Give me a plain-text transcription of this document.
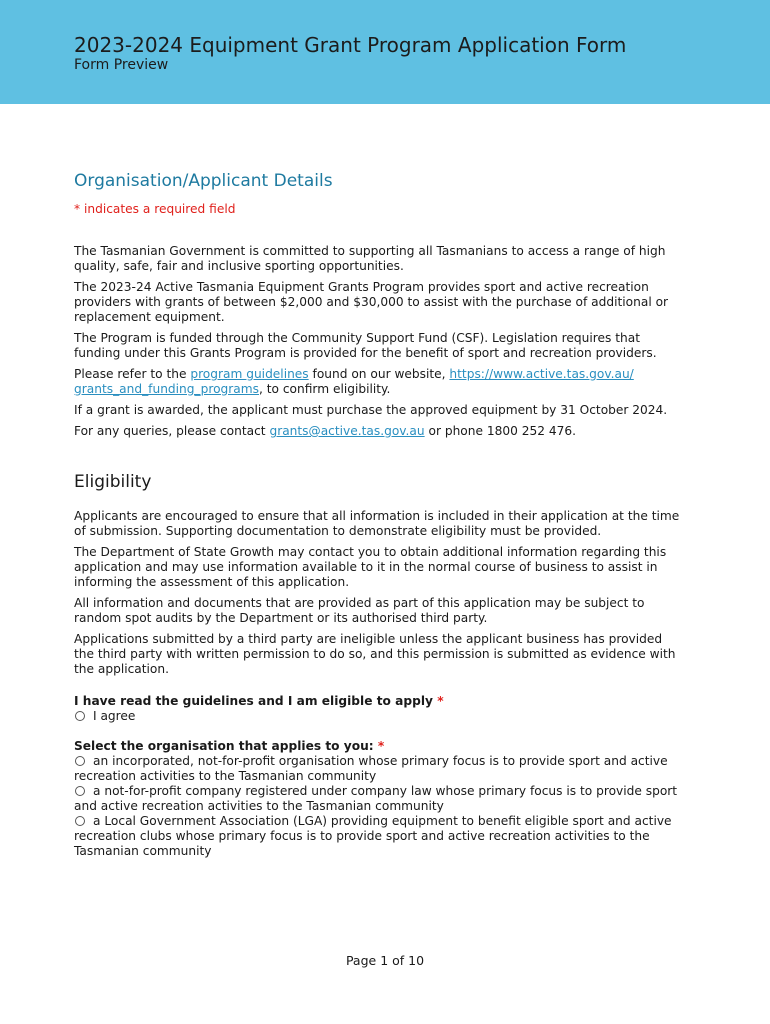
2023-2024 Equipment Grant Program Application Form
Form Preview
Organisation/Applicant Details
* indicates a required field

The Tasmanian Government is committed to supporting all Tasmanians to access a range of high quality, safe, fair and inclusive sporting opportunities.

The 2023-24 Active Tasmania Equipment Grants Program provides sport and active recreation providers with grants of between $2,000 and $30,000 to assist with the purchase of additional or replacement equipment.

The Program is funded through the Community Support Fund (CSF). Legislation requires that funding under this Grants Program is provided for the benefit of sport and recreation providers.

Please refer to the program guidelines found on our website, https://www.active.tas.gov.au/ grants_and_funding_programs, to confirm eligibility.

If a grant is awarded, the applicant must purchase the approved equipment by 31 October 2024.

For any queries, please contact grants@active.tas.gov.au or phone 1800 252 476.

Eligibility

Applicants are encouraged to ensure that all information is included in their application at the time of submission. Supporting documentation to demonstrate eligibility must be provided.

The Department of State Growth may contact you to obtain additional information regarding this application and may use information available to it in the normal course of business to assist in informing the assessment of this application.

All information and documents that are provided as part of this application may be subject to random spot audits by the Department or its authorised third party.

Applications submitted by a third party are ineligible unless the applicant business has provided the third party with written permission to do so, and this permission is submitted as evidence with the application.

I have read the guidelines and I am eligible to apply *
I agree
Select the organisation that applies to you: *
an incorporated, not-for-profit organisation whose primary focus is to provide sport and active recreation activities to the Tasmanian community
a not-for-profit company registered under company law whose primary focus is to provide sport and active recreation activities to the Tasmanian community
a Local Government Association (LGA) providing equipment to benefit eligible sport and active recreation clubs whose primary focus is to provide sport and active recreation activities to the Tasmanian community
Page 1 of 10
